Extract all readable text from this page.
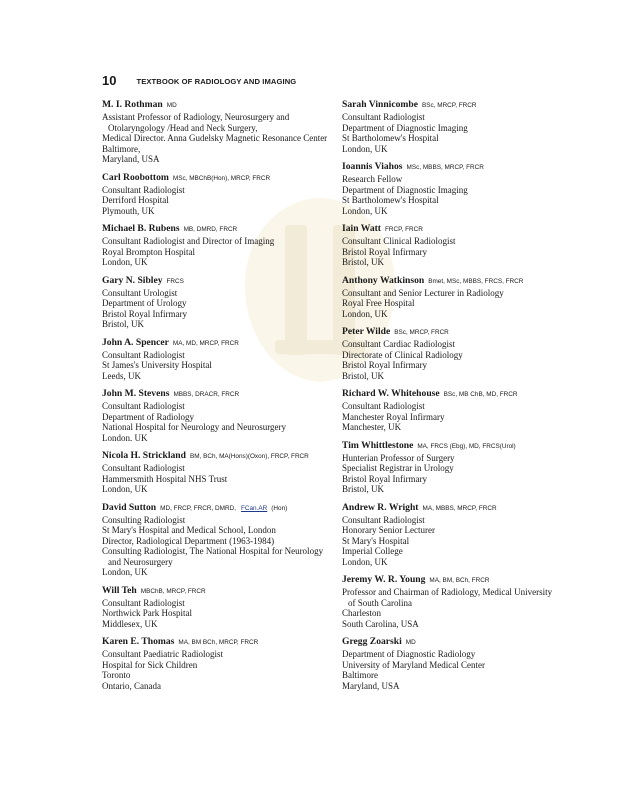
10	TEXTBOOK OF RADIOLOGY AND IMAGING
M. I. Rothman MD
Assistant Professor of Radiology, Neurosurgery and
Otolaryngology /Head and Neck Surgery,
Medical Director. Anna Gudelsky Magnetic Resonance Center
Baltimore,
Maryland, USA
Carl Roobottom MSc, MBChB(Hon), MRCP, FRCR
Consultant Radiologist
Derriford Hospital
Plymouth, UK
Michael B. Rubens MB, DMRD, FRCR
Consultant Radiologist and Director of Imaging
Royal Brompton Hospital
London, UK
Gary N. Sibley FRCS
Consultant Urologist
Department of Urology
Bristol Royal Infirmary
Bristol, UK
John A. Spencer MA, MD, MRCP, FRCR
Consultant Radiologist
St James's University Hospital
Leeds, UK
John M. Stevens MBBS, DRACR, FRCR
Consultant Radiologist
Department of Radiology
National Hospital for Neurology and Neurosurgery
London. UK
Nicola H. Strickland BM, BCh, MA(Hons)(Oxon), FRCP, FRCR
Consultant Radiologist
Hammersmith Hospital NHS Trust
London, UK
David Sutton MD, FRCP, FRCR, DMRD, FCan.AR (Hon)
Consulting Radiologist
St Mary's Hospital and Medical School, London
Director, Radiological Department (1963-1984)
Consulting Radiologist, The National Hospital for Neurology
and Neurosurgery
London, UK
Will Teh MBChB, MRCP, FRCR
Consultant Radiologist
Northwick Park Hospital
Middlesex, UK
Karen E. Thomas MA, BM BCh, MRCP, FRCR
Consultant Paediatric Radiologist
Hospital for Sick Children
Toronto
Ontario, Canada
Sarah Vinnicombe BSc, MRCP, FRCR
Consultant Radiologist
Department of Diagnostic Imaging
St Bartholomew's Hospital
London, UK
Ioannis Viahos MSc, MBBS, MRCP, FRCR
Research Fellow
Department of Diagnostic Imaging
St Bartholomew's Hospital
London, UK
Iain Watt FRCP, FRCR
Consultant Clinical Radiologist
Bristol Royal Infirmary
Bristol, UK
Anthony Watkinson Bmet, MSc, MBBS, FRCS, FRCR
Consultant and Senior Lecturer in Radiology
Royal Free Hospital
London, UK
Peter Wilde BSc, MRCP, FRCR
Consultant Cardiac Radiologist
Directorate of Clinical Radiology
Bristol Royal Infirmary
Bristol, UK
Richard W. Whitehouse BSc, MB ChB, MD, FRCR
Consultant Radiologist
Manchester Royal Infirmary
Manchester, UK
Tim Whittlestone MA, FRCS (Ebg), MD, FRCS(Urol)
Hunterian Professor of Surgery
Specialist Registrar in Urology
Bristol Royal Infirmary
Bristol, UK
Andrew R. Wright MA, MBBS, MRCP, FRCR
Consultant Radiologist
Honorary Senior Lecturer
St Mary's Hospital
Imperial College
London, UK
Jeremy W. R. Young MA, BM, BCh, FRCR
Professor and Chairman of Radiology, Medical University
of South Carolina
Charleston
South Carolina, USA
Gregg Zoarski MD
Department of Diagnostic Radiology
University of Maryland Medical Center
Baltimore
Maryland, USA
